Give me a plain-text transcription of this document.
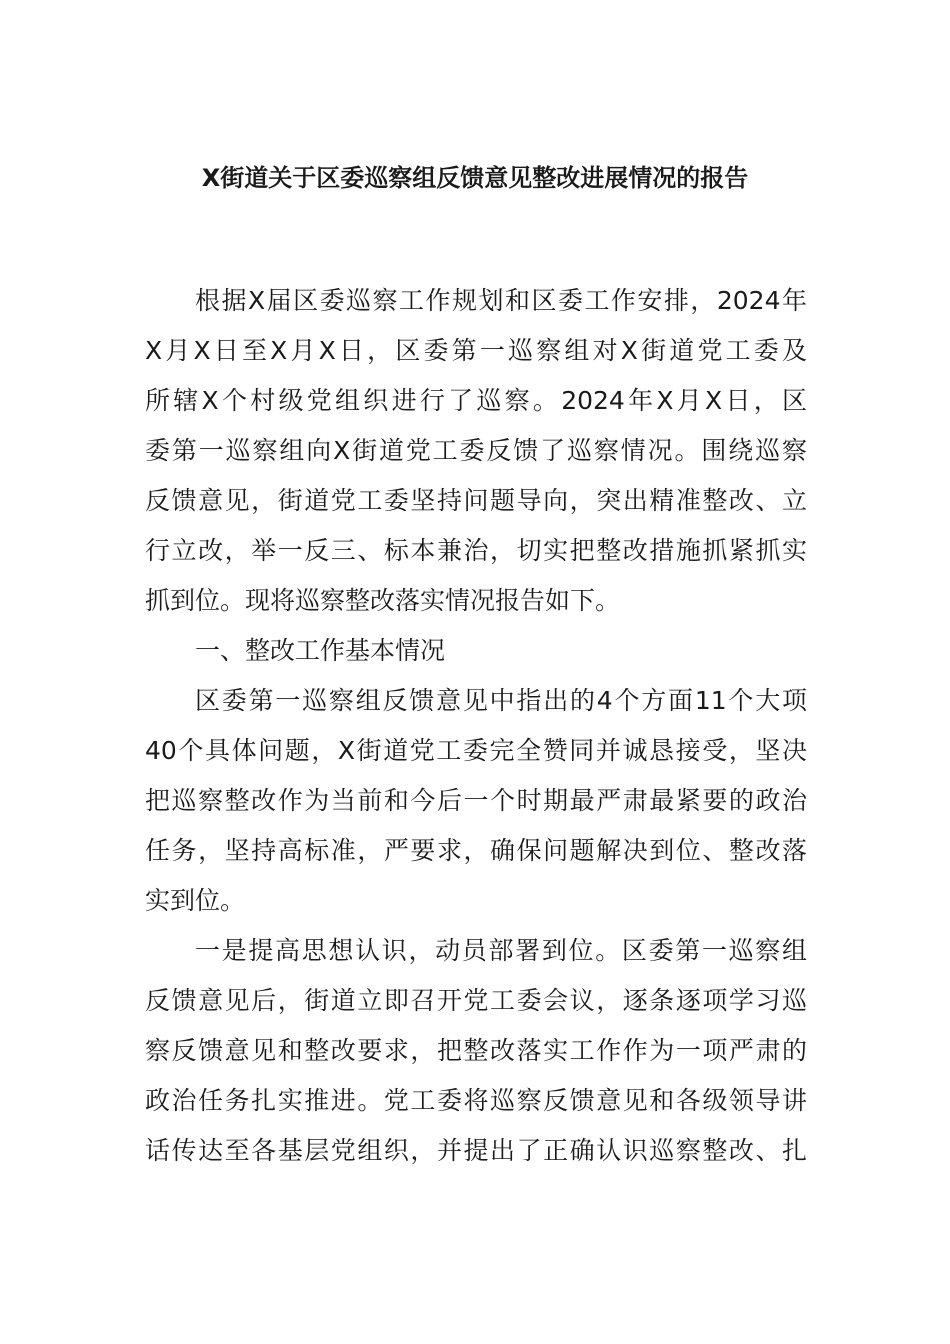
X街道关于区委巡察组反馈意见整改进展情况的报告
根据X届区委巡察工作规划和区委工作安排，2024年
X月X日至X月X日，区委第一巡察组对X街道党工委及
所辖X个村级党组织进行了巡察。2024年X月X日，区
委第一巡察组向X街道党工委反馈了巡察情况。围绕巡察
反馈意见，街道党工委坚持问题导向，突出精准整改、立
行立改，举一反三、标本兼治，切实把整改措施抓紧抓实
抓到位。现将巡察整改落实情况报告如下。
一、整改工作基本情况
区委第一巡察组反馈意见中指出的4个方面11个大项
40个具体问题，X街道党工委完全赞同并诚恳接受，坚决
把巡察整改作为当前和今后一个时期最严肃最紧要的政治
任务，坚持高标准，严要求，确保问题解决到位、整改落
实到位。
一是提高思想认识，动员部署到位。区委第一巡察组
反馈意见后，街道立即召开党工委会议，逐条逐项学习巡
察反馈意见和整改要求，把整改落实工作作为一项严肃的
政治任务扎实推进。党工委将巡察反馈意见和各级领导讲
话传达至各基层党组织，并提出了正确认识巡察整改、扎
